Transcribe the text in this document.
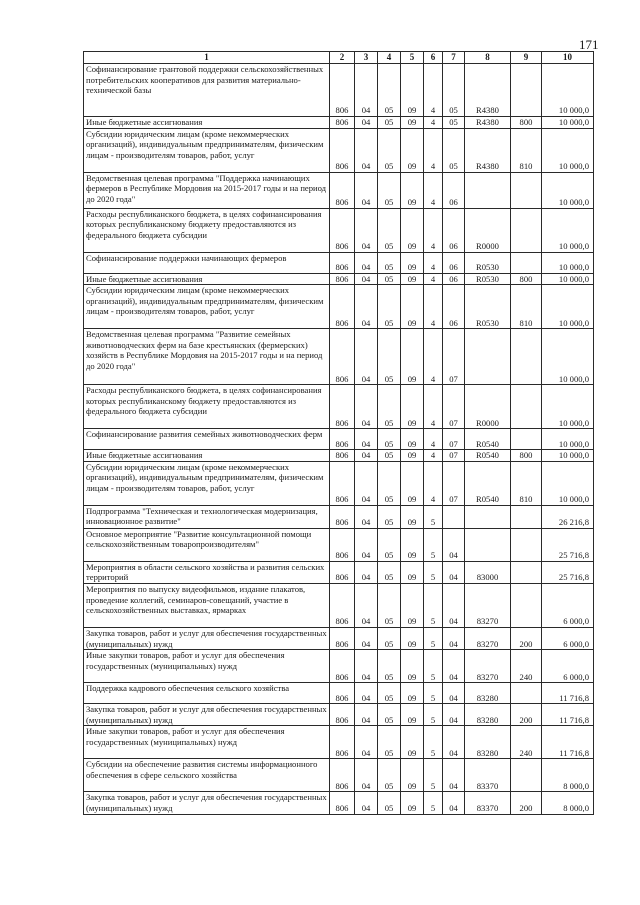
171
1	2	3	4	5	6	7	8	9	10
Софинансирование грантовой поддержки сельскохозяйственных потребительских кооперативов для развития материально-технической базы	806	04	05	09	4	05	R4380		10 000,0
Иные бюджетные ассигнования	806	04	05	09	4	05	R4380	800	10 000,0
Субсидии юридическим лицам (кроме некоммерческих организаций), индивидуальным предпринимателям, физическим лицам - производителям товаров, работ, услуг	806	04	05	09	4	05	R4380	810	10 000,0
Ведомственная целевая программа "Поддержка начинающих фермеров в Республике Мордовия на 2015-2017 годы и на период до 2020 года"	806	04	05	09	4	06			10 000,0
Расходы республиканского бюджета, в целях софинансирования которых республиканскому бюджету предоставляются из федерального бюджета субсидии	806	04	05	09	4	06	R0000		10 000,0
Софинансирование поддержки начинающих фермеров	806	04	05	09	4	06	R0530		10 000,0
Иные бюджетные ассигнования	806	04	05	09	4	06	R0530	800	10 000,0
Субсидии юридическим лицам (кроме некоммерческих организаций), индивидуальным предпринимателям, физическим лицам - производителям товаров, работ, услуг	806	04	05	09	4	06	R0530	810	10 000,0
Ведомственная целевая программа "Развитие семейных животноводческих ферм на базе крестьянских (фермерских) хозяйств в Республике Мордовия на 2015-2017 годы и на период до 2020 года"	806	04	05	09	4	07			10 000,0
Расходы республиканского бюджета, в целях софинансирования которых республиканскому бюджету предоставляются из федерального бюджета субсидии	806	04	05	09	4	07	R0000		10 000,0
Софинансирование развития семейных животноводческих ферм	806	04	05	09	4	07	R0540		10 000,0
Иные бюджетные ассигнования	806	04	05	09	4	07	R0540	800	10 000,0
Субсидии юридическим лицам (кроме некоммерческих организаций), индивидуальным предпринимателям, физическим лицам - производителям товаров, работ, услуг	806	04	05	09	4	07	R0540	810	10 000,0
Подпрограмма "Техническая и технологическая модернизация, инновационное развитие"	806	04	05	09	5				26 216,8
Основное мероприятие "Развитие консультационной помощи сельскохозяйственным товаропроизводителям"	806	04	05	09	5	04			25 716,8
Мероприятия в области сельского хозяйства и развития сельских территорий	806	04	05	09	5	04	83000		25 716,8
Мероприятия по выпуску видеофильмов, издание плакатов, проведение коллегий, семинаров-совещаний, участие в сельскохозяйственных выставках, ярмарках	806	04	05	09	5	04	83270		6 000,0
Закупка товаров, работ и услуг для обеспечения государственных (муниципальных) нужд	806	04	05	09	5	04	83270	200	6 000,0
Иные закупки товаров, работ и услуг для обеспечения государственных (муниципальных) нужд	806	04	05	09	5	04	83270	240	6 000,0
Поддержка кадрового обеспечения сельского хозяйства	806	04	05	09	5	04	83280		11 716,8
Закупка товаров, работ и услуг для обеспечения государственных (муниципальных) нужд	806	04	05	09	5	04	83280	200	11 716,8
Иные закупки товаров, работ и услуг для обеспечения государственных (муниципальных) нужд	806	04	05	09	5	04	83280	240	11 716,8
Субсидии на обеспечение развития системы информационного обеспечения в сфере сельского хозяйства	806	04	05	09	5	04	83370		8 000,0
Закупка товаров, работ и услуг для обеспечения государственных (муниципальных) нужд	806	04	05	09	5	04	83370	200	8 000,0
